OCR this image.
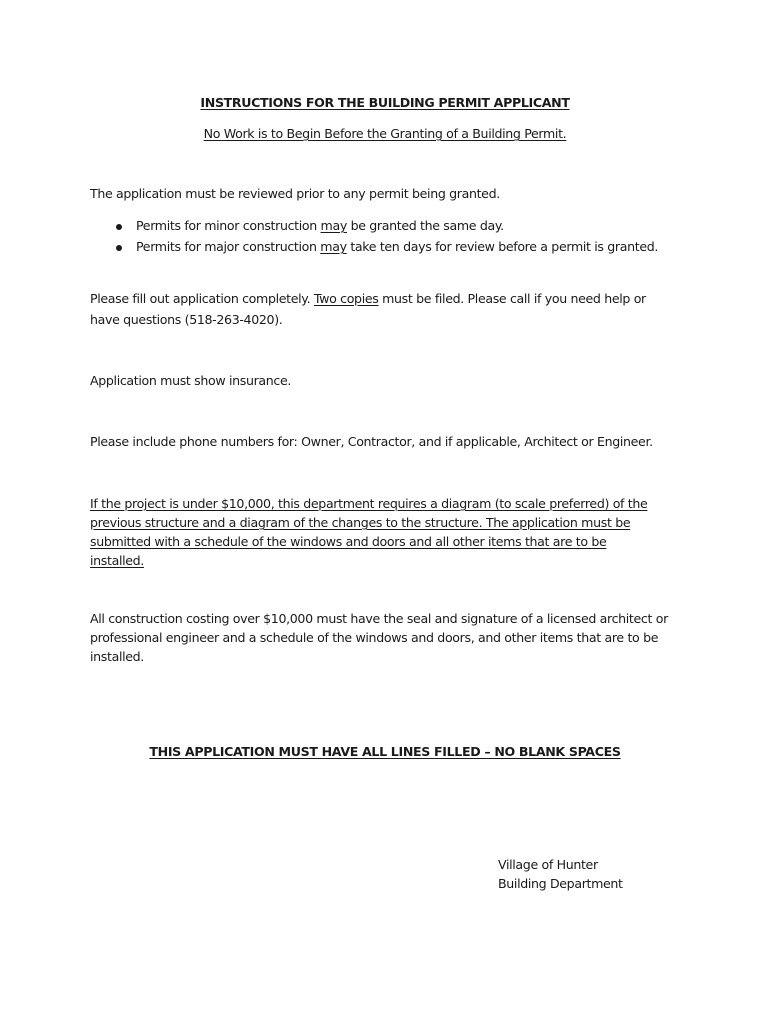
INSTRUCTIONS FOR THE BUILDING PERMIT APPLICANT
No Work is to Begin Before the Granting of a Building Permit.
The application must be reviewed prior to any permit being granted.
Permits for minor construction may be granted the same day.
Permits for major construction may take ten days for review before a permit is granted.
Please fill out application completely. Two copies must be filed. Please call if you need help or
have questions (518-263-4020).
Application must show insurance.
Please include phone numbers for: Owner, Contractor, and if applicable, Architect or Engineer.
If the project is under $10,000, this department requires a diagram (to scale preferred) of the
previous structure and a diagram of the changes to the structure. The application must be
submitted with a schedule of the windows and doors and all other items that are to be
installed.
All construction costing over $10,000 must have the seal and signature of a licensed architect or
professional engineer and a schedule of the windows and doors, and other items that are to be
installed.
THIS APPLICATION MUST HAVE ALL LINES FILLED – NO BLANK SPACES
Village of Hunter
Building Department
